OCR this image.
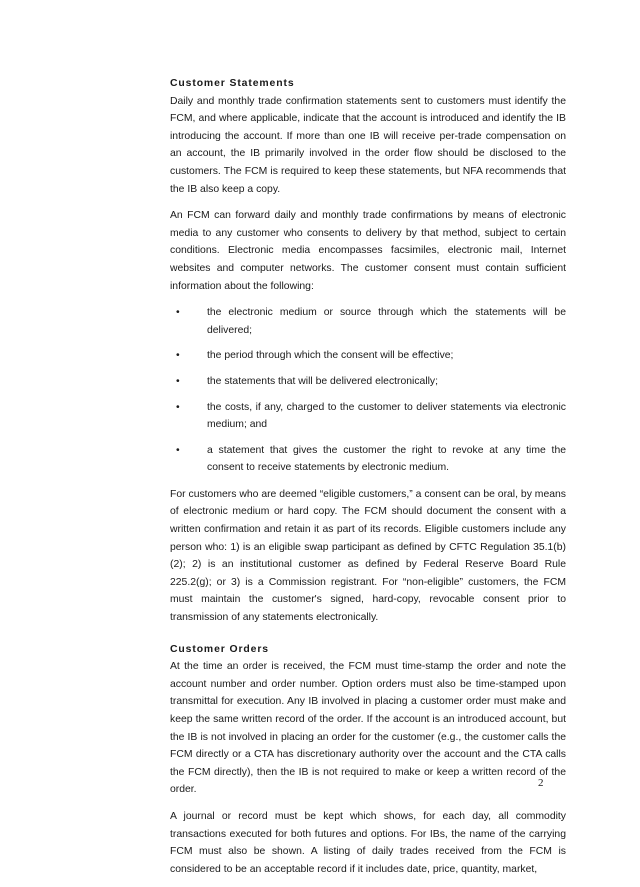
Customer Statements

Daily and monthly trade confirmation statements sent to customers must identify the FCM, and where applicable, indicate that the account is introduced and identify the IB introducing the account. If more than one IB will receive per-trade compensation on an account, the IB primarily involved in the order flow should be disclosed to the customers. The FCM is required to keep these statements, but NFA recommends that the IB also keep a copy.

An FCM can forward daily and monthly trade confirmations by means of electronic media to any customer who consents to delivery by that method, subject to certain conditions. Electronic media encompasses facsimiles, electronic mail, Internet websites and computer networks. The customer consent must contain sufficient information about the following:

•	the electronic medium or source through which the statements will be delivered;
•	the period through which the consent will be effective;
•	the statements that will be delivered electronically;
•	the costs, if any, charged to the customer to deliver statements via electronic medium; and
•	a statement that gives the customer the right to revoke at any time the consent to receive statements by electronic medium.

For customers who are deemed “eligible customers,” a consent can be oral, by means of electronic medium or hard copy. The FCM should document the consent with a written confirmation and retain it as part of its records. Eligible customers include any person who: 1) is an eligible swap participant as defined by CFTC Regulation 35.1(b)(2); 2) is an institutional customer as defined by Federal Reserve Board Rule 225.2(g); or 3) is a Commission registrant. For “non-eligible” customers, the FCM must maintain the customer's signed, hard-copy, revocable consent prior to transmission of any statements electronically.

Customer Orders

At the time an order is received, the FCM must time-stamp the order and note the account number and order number. Option orders must also be time-stamped upon transmittal for execution. Any IB involved in placing a customer order must make and keep the same written record of the order. If the account is an introduced account, but the IB is not involved in placing an order for the customer (e.g., the customer calls the FCM directly or a CTA has discretionary authority over the account and the CTA calls the FCM directly), then the IB is not required to make or keep a written record of the order.

A journal or record must be kept which shows, for each day, all commodity transactions executed for both futures and options. For IBs, the name of the carrying FCM must also be shown. A listing of daily trades received from the FCM is considered to be an acceptable record if it includes date, price, quantity, market,

2
